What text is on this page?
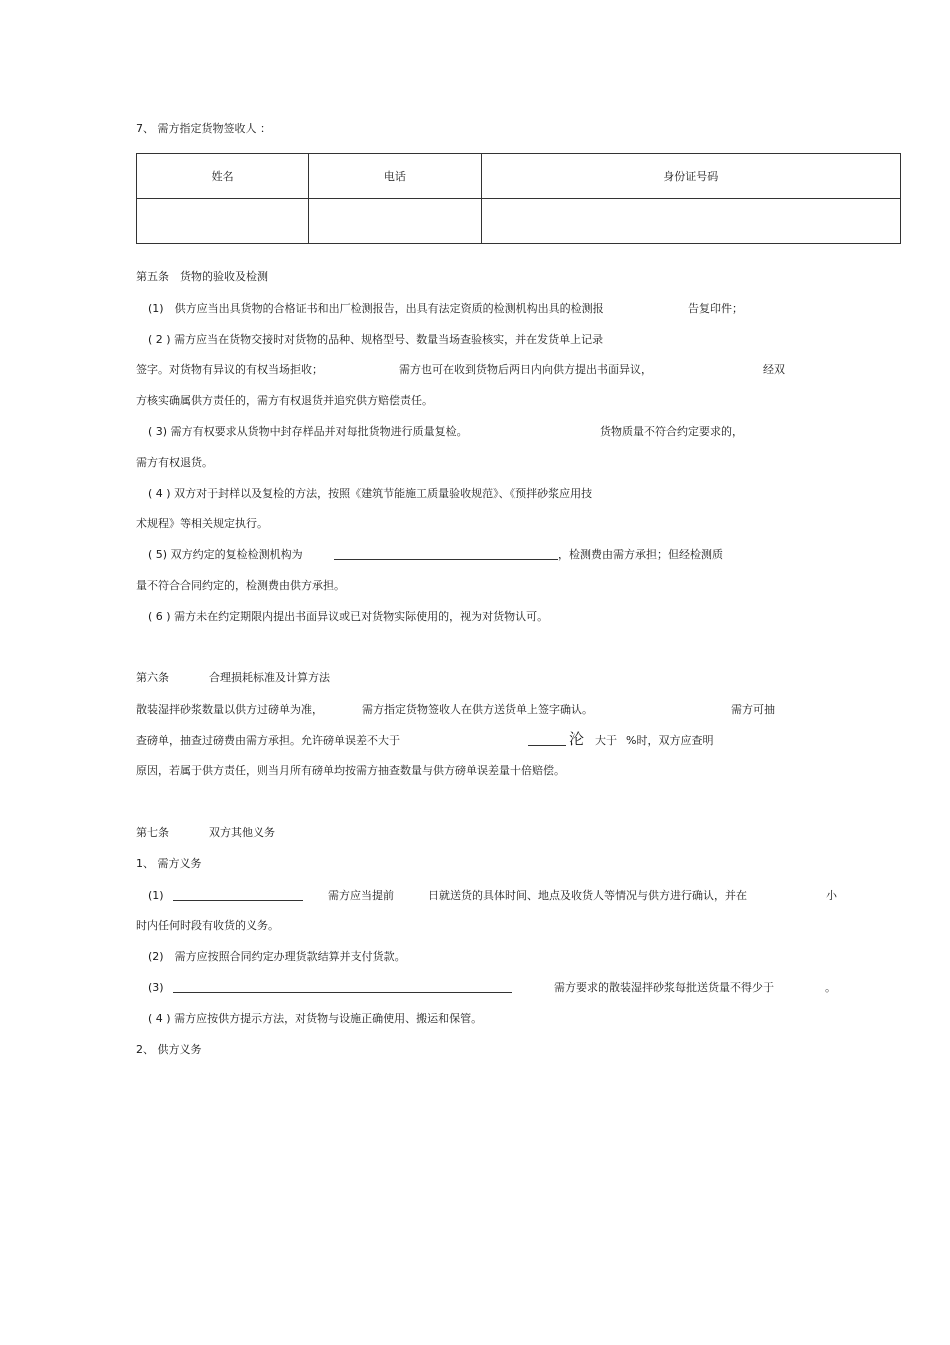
7、 需方指定货物签收人 ：
姓名	电话	身份证号码

第五条　货物的验收及检测
(1)　供方应当出具货物的合格证书和出厂检测报告，出具有法定资质的检测机构出具的检测报	告复印件；
( 2 ) 需方应当在货物交接时对货物的品种、规格型号、数量当场查验核实，并在发货单上记录
签字。对货物有异议的有权当场拒收；	需方也可在收到货物后两日内向供方提出书面异议，	经双
方核实确属供方责任的，需方有权退货并追究供方赔偿责任。
( 3) 需方有权要求从货物中封存样品并对每批货物进行质量复检。	货物质量不符合约定要求的，
需方有权退货。
( 4 ) 双方对于封样以及复检的方法，按照《建筑节能施工质量验收规范》、《预拌砂浆应用技
术规程》等相关规定执行。
( 5) 双方约定的复检检测机构为	，检测费由需方承担；但经检测质
量不符合合同约定的，检测费由供方承担。
( 6 ) 需方未在约定期限内提出书面异议或已对货物实际使用的，视为对货物认可。
第六条	合理损耗标准及计算方法
散装湿拌砂浆数量以供方过磅单为准，	需方指定货物签收人在供方送货单上签字确认。	需方可抽
查磅单，抽查过磅费由需方承担。允许磅单误差不大于	沦 大于 %时，双方应查明
原因，若属于供方责任，则当月所有磅单均按需方抽查数量与供方磅单误差量十倍赔偿。
第七条	双方其他义务
1、 需方义务
(1)	需方应当提前	日就送货的具体时间、地点及收货人等情况与供方进行确认，并在	小
时内任何时段有收货的义务。
(2)　需方应按照合同约定办理货款结算并支付货款。
(3)	需方要求的散装湿拌砂浆每批送货量不得少于	。
( 4 ) 需方应按供方提示方法，对货物与设施正确使用、搬运和保管。
2、 供方义务
